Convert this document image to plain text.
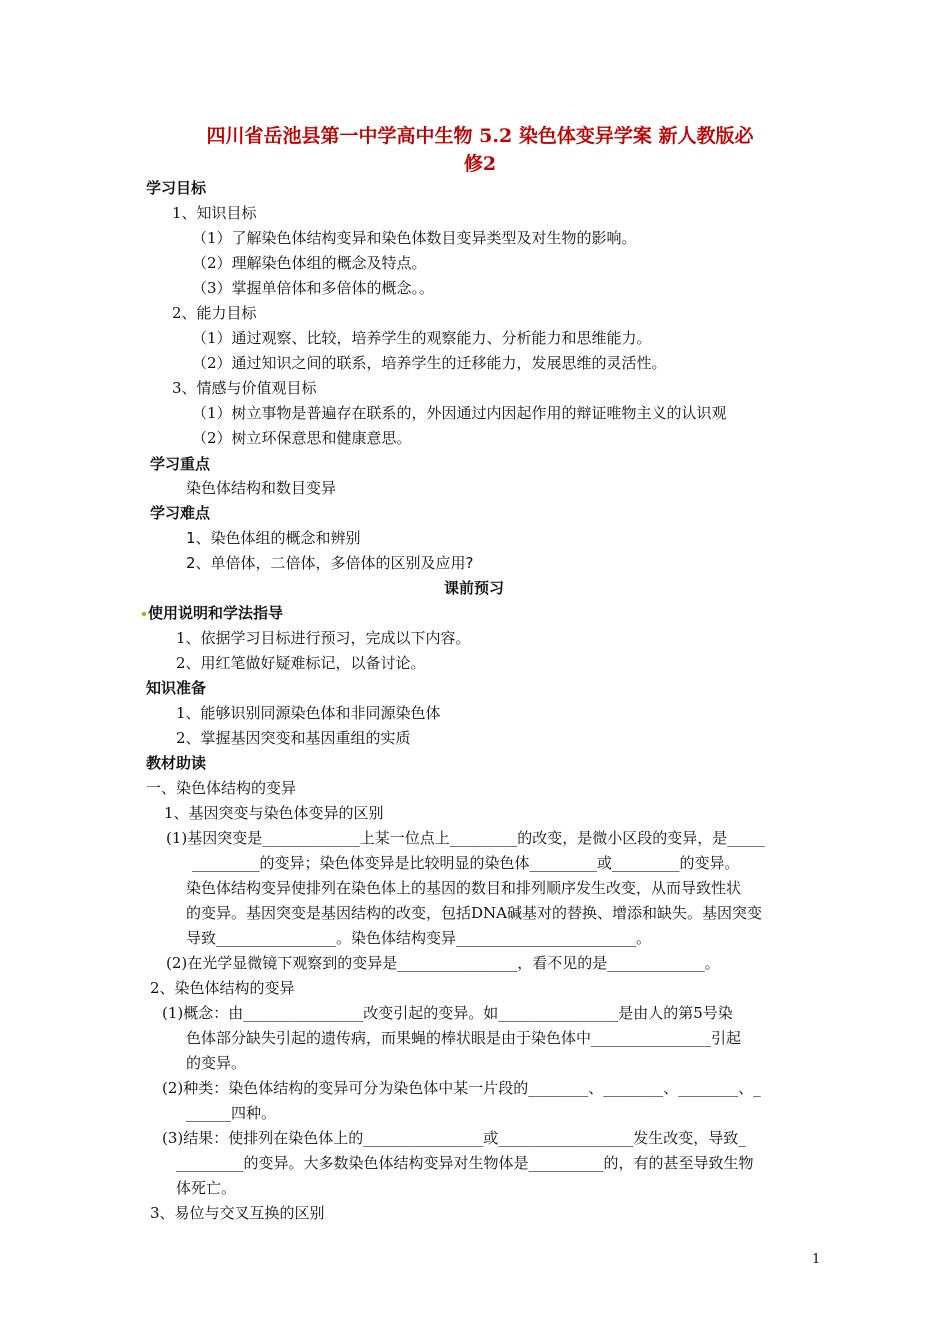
四川省岳池县第一中学高中生物 5.2 染色体变异学案 新人教版必
修2
学习目标
1、知识目标
（1）了解染色体结构变异和染色体数目变异类型及对生物的影响。
（2）理解染色体组的概念及特点。
（3）掌握单倍体和多倍体的概念。。
2、能力目标
（1）通过观察、比较，培养学生的观察能力、分析能力和思维能力。
（2）通过知识之间的联系，培养学生的迁移能力，发展思维的灵活性。
3、情感与价值观目标
（1）树立事物是普遍存在联系的，外因通过内因起作用的辩证唯物主义的认识观
（2）树立环保意思和健康意思。
学习重点
染色体结构和数目变异
学习难点
1、染色体组的概念和辨别
2、单倍体，二倍体，多倍体的区别及应用?
课前预习
使用说明和学法指导
1、依据学习目标进行预习，完成以下内容。
2、用红笔做好疑难标记，以备讨论。
知识准备
1、能够识别同源染色体和非同源染色体
2、掌握基因突变和基因重组的实质
教材助读
一、染色体结构的变异
1、基因突变与染色体变异的区别
(1)基因突变是_____________上某一位点上_________的改变，是微小区段的变异，是_____
_________的变异；染色体变异是比较明显的染色体_________或_________的变异。
染色体结构变异使排列在染色体上的基因的数目和排列顺序发生改变，从而导致性状
的变异。基因突变是基因结构的改变，包括DNA碱基对的替换、增添和缺失。基因突变
导致________________。染色体结构变异________________________。
(2)在光学显微镜下观察到的变异是________________，看不见的是_____________。
2、染色体结构的变异
(1)概念：由________________改变引起的变异。如________________是由人的第5号染
色体部分缺失引起的遗传病，而果蝇的棒状眼是由于染色体中________________引起
的变异。
(2)种类：染色体结构的变异可分为染色体中某一片段的________、________、________、_
______四种。
(3)结果：使排列在染色体上的________________或__________________发生改变，导致_
_________的变异。大多数染色体结构变异对生物体是__________的，有的甚至导致生物
体死亡。
3、易位与交叉互换的区别
1
